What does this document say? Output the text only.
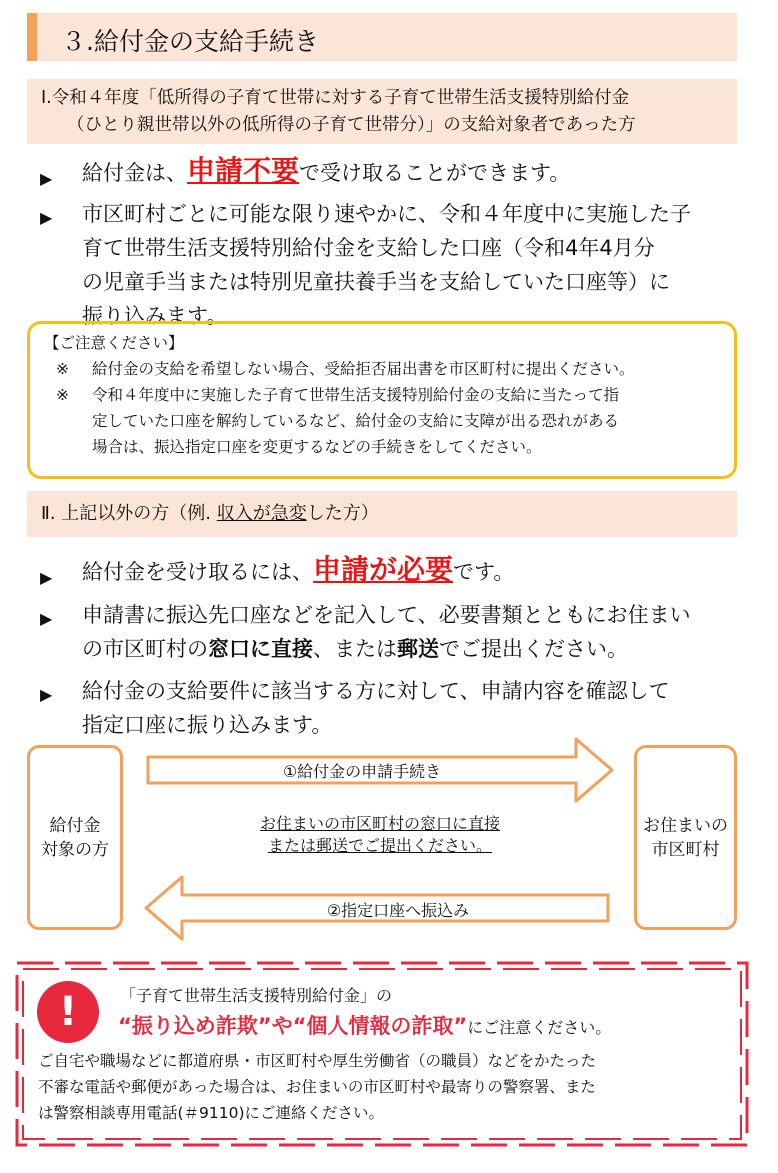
３.給付金の支給手続き
Ⅰ.令和４年度「低所得の子育て世帯に対する子育て世帯生活支援特別給付金
（ひとり親世帯以外の低所得の子育て世帯分）」の支給対象者であった方
▶ 給付金は、申請不要で受け取ることができます。
▶ 市区町村ごとに可能な限り速やかに、令和４年度中に実施した子
育て世帯生活支援特別給付金を支給した口座（令和4年4月分
の児童手当または特別児童扶養手当を支給していた口座等）に
振り込みます。
【ご注意ください】
※ 給付金の支給を希望しない場合、受給拒否届出書を市区町村に提出ください。
※ 令和４年度中に実施した子育て世帯生活支援特別給付金の支給に当たって指
定していた口座を解約しているなど、給付金の支給に支障が出る恐れがある
場合は、振込指定口座を変更するなどの手続きをしてください。
Ⅱ. 上記以外の方（例. 収入が急変した方）
▶ 給付金を受け取るには、申請が必要です。
▶ 申請書に振込先口座などを記入して、必要書類とともにお住まい
の市区町村の窓口に直接、または郵送でご提出ください。
▶ 給付金の支給要件に該当する方に対して、申請内容を確認して
指定口座に振り込みます。
給付金
対象の方
お住まいの
市区町村
①給付金の申請手続き
②指定口座へ振込み
お住まいの市区町村の窓口に直接
または郵送でご提出ください。
!	「子育て世帯生活支援特別給付金」の
“振り込め詐欺”や“個人情報の詐取”にご注意ください。
ご自宅や職場などに都道府県・市区町村や厚生労働省（の職員）などをかたった
不審な電話や郵便があった場合は、お住まいの市区町村や最寄りの警察署、また
は警察相談専用電話(＃9110)にご連絡ください。
